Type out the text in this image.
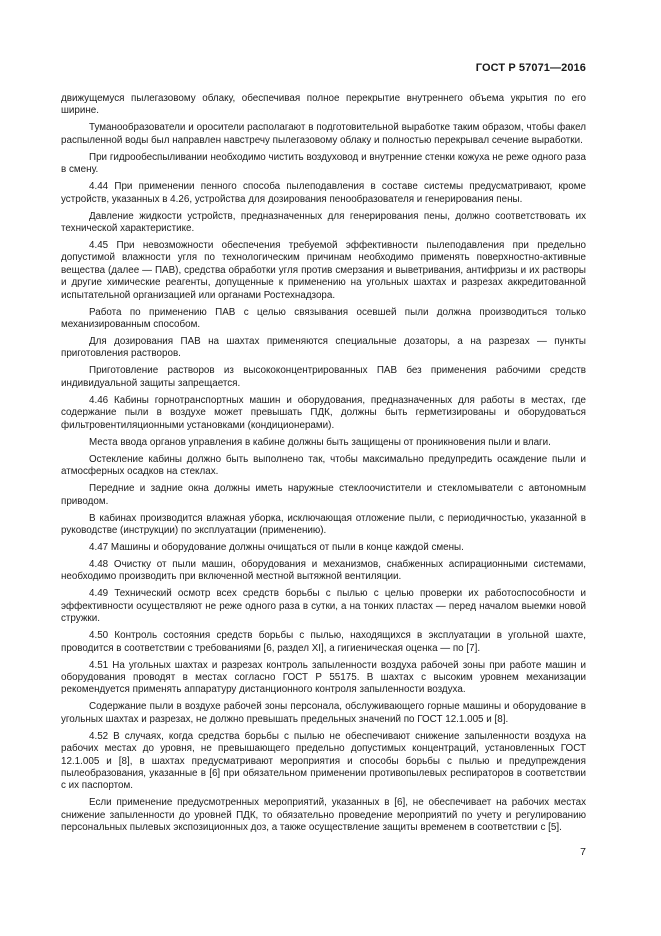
ГОСТ Р 57071—2016

движущемуся пылегазовому облаку, обеспечивая полное перекрытие внутреннего объема укрытия по его ширине.

Туманообразователи и оросители располагают в подготовительной выработке таким образом, чтобы факел распыленной воды был направлен навстречу пылегазовому облаку и полностью перекрывал сечение выработки.

При гидрообеспыливании необходимо чистить воздуховод и внутренние стенки кожуха не реже одного раза в смену.

4.44 При применении пенного способа пылеподавления в составе системы предусматривают, кроме устройств, указанных в 4.26, устройства для дозирования пенообразователя и генерирования пены.

Давление жидкости устройств, предназначенных для генерирования пены, должно соответствовать их технической характеристике.

4.45 При невозможности обеспечения требуемой эффективности пылеподавления при предельно допустимой влажности угля по технологическим причинам необходимо применять поверхностно-активные вещества (далее — ПАВ), средства обработки угля против смерзания и выветривания, антифризы и их растворы и другие химические реагенты, допущенные к применению на угольных шахтах и разрезах аккредитованной испытательной организацией или органами Ростехнадзора.

Работа по применению ПАВ с целью связывания осевшей пыли должна производиться только механизированным способом.

Для дозирования ПАВ на шахтах применяются специальные дозаторы, а на разрезах — пункты приготовления растворов.

Приготовление растворов из высококонцентрированных ПАВ без применения рабочими средств индивидуальной защиты запрещается.

4.46 Кабины горнотранспортных машин и оборудования, предназначенных для работы в местах, где содержание пыли в воздухе может превышать ПДК, должны быть герметизированы и оборудоваться фильтровентиляционными установками (кондиционерами).

Места ввода органов управления в кабине должны быть защищены от проникновения пыли и влаги.

Остекление кабины должно быть выполнено так, чтобы максимально предупредить осаждение пыли и атмосферных осадков на стеклах.

Передние и задние окна должны иметь наружные стеклоочистители и стекломыватели с автономным приводом.

В кабинах производится влажная уборка, исключающая отложение пыли, с периодичностью, указанной в руководстве (инструкции) по эксплуатации (применению).

4.47 Машины и оборудование должны очищаться от пыли в конце каждой смены.

4.48 Очистку от пыли машин, оборудования и механизмов, снабженных аспирационными системами, необходимо производить при включенной местной вытяжной вентиляции.

4.49 Технический осмотр всех средств борьбы с пылью с целью проверки их работоспособности и эффективности осуществляют не реже одного раза в сутки, а на тонких пластах — перед началом выемки новой стружки.

4.50 Контроль состояния средств борьбы с пылью, находящихся в эксплуатации в угольной шахте, проводится в соответствии с требованиями [6, раздел XI], а гигиеническая оценка — по [7].

4.51 На угольных шахтах и разрезах контроль запыленности воздуха рабочей зоны при работе машин и оборудования проводят в местах согласно ГОСТ Р 55175. В шахтах с высоким уровнем механизации рекомендуется применять аппаратуру дистанционного контроля запыленности воздуха.

Содержание пыли в воздухе рабочей зоны персонала, обслуживающего горные машины и оборудование в угольных шахтах и разрезах, не должно превышать предельных значений по ГОСТ 12.1.005 и [8].

4.52 В случаях, когда средства борьбы с пылью не обеспечивают снижение запыленности воздуха на рабочих местах до уровня, не превышающего предельно допустимых концентраций, установленных ГОСТ 12.1.005 и [8], в шахтах предусматривают мероприятия и способы борьбы с пылью и предупреждения пылеобразования, указанные в [6] при обязательном применении противопылевых респираторов в соответствии с их паспортом.

Если применение предусмотренных мероприятий, указанных в [6], не обеспечивает на рабочих местах снижение запыленности до уровней ПДК, то обязательно проведение мероприятий по учету и регулированию персональных пылевых экспозиционных доз, а также осуществление защиты временем в соответствии с [5].

7
